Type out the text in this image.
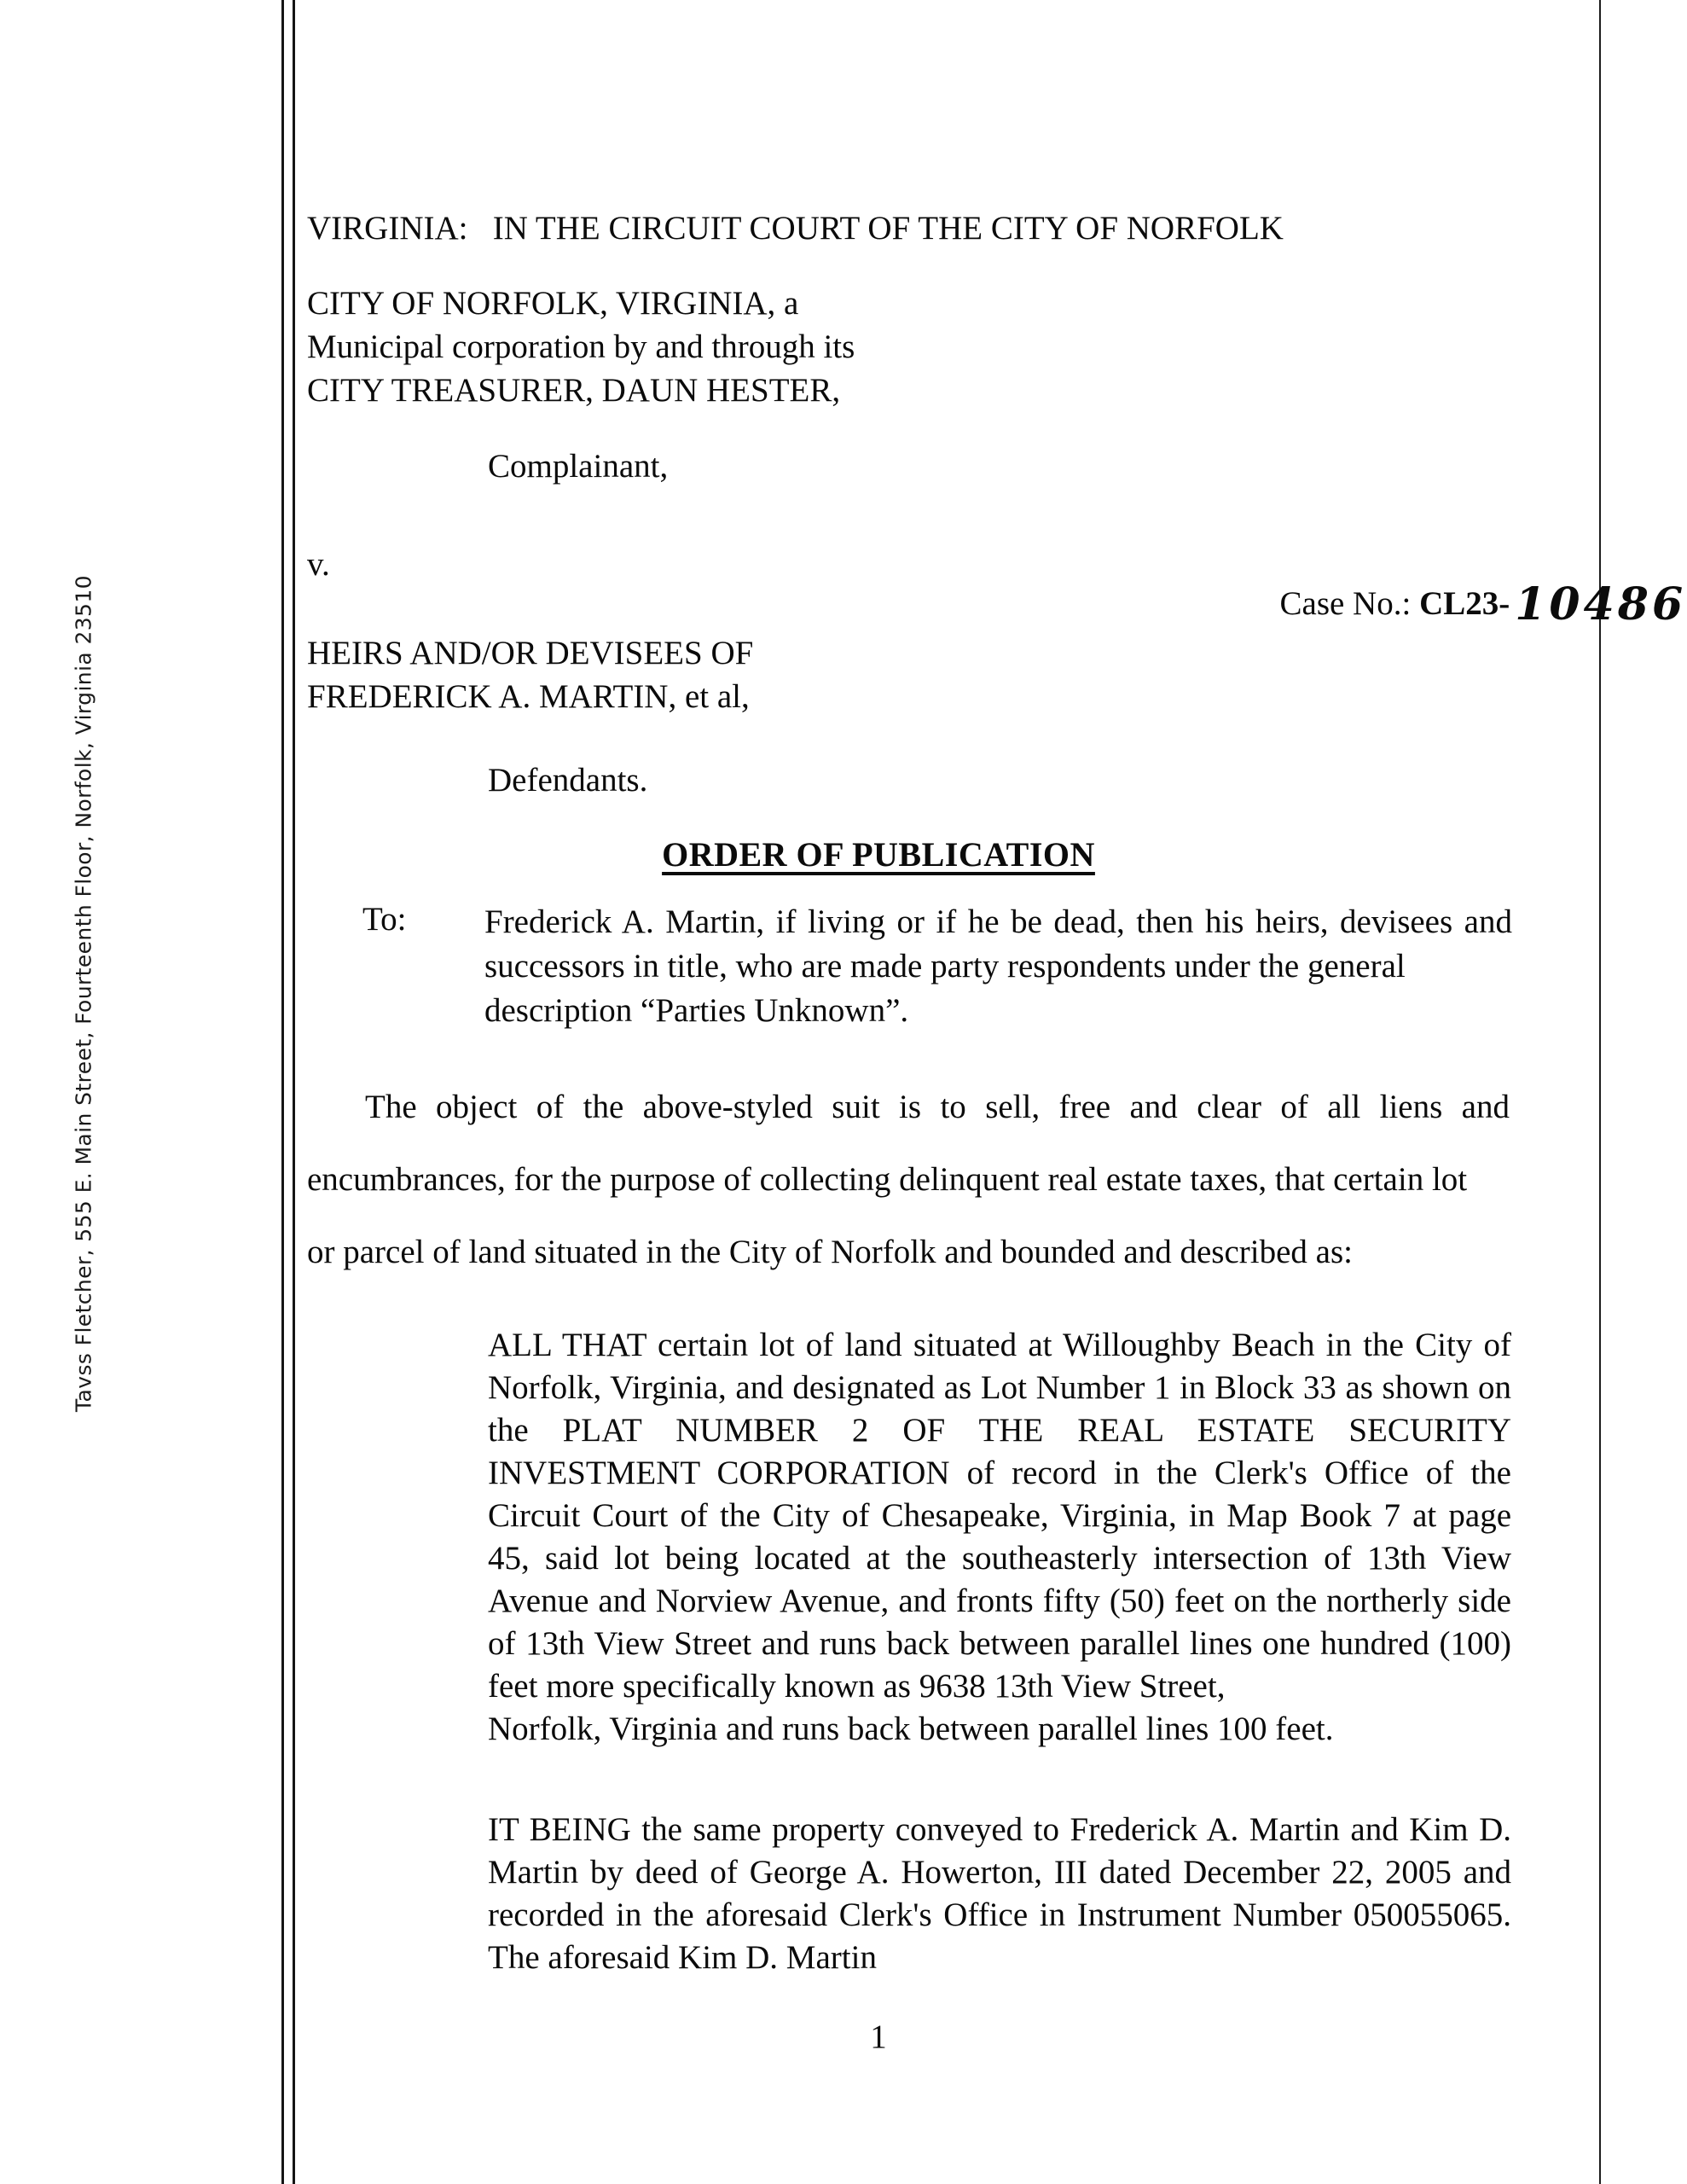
Tavss Fletcher, 555 E. Main Street, Fourteenth Floor, Norfolk, Virginia 23510
VIRGINIA:   IN THE CIRCUIT COURT OF THE CITY OF NORFOLK
CITY OF NORFOLK, VIRGINIA, a
Municipal corporation by and through its
CITY TREASURER, DAUN HESTER,
Complainant,
v.

Case No.: CL23- 10486

HEIRS AND/OR DEVISEES OF
FREDERICK A. MARTIN, et al,
Defendants.
ORDER OF PUBLICATION
To: Frederick A. Martin, if living or if he be dead, then his heirs, devisees and successors in title, who are made party respondents under the general
description “Parties Unknown”.

The object of the above-styled suit is to sell, free and clear of all liens and encumbrances, for the purpose of collecting delinquent real estate taxes, that certain lot
or parcel of land situated in the City of Norfolk and bounded and described as:

ALL THAT certain lot of land situated at Willoughby Beach in the City of Norfolk, Virginia, and designated as Lot Number 1 in Block 33 as shown on the PLAT NUMBER 2 OF THE REAL ESTATE SECURITY INVESTMENT CORPORATION of record in the Clerk's Office of the Circuit Court of the City of Chesapeake, Virginia, in Map Book 7 at page 45, said lot being located at the southeasterly intersection of 13th View Avenue and Norview Avenue, and fronts fifty (50) feet on the northerly side of 13th View Street and runs back between parallel lines one hundred (100) feet more specifically known as 9638 13th View Street,
Norfolk, Virginia and runs back between parallel lines 100 feet.
IT BEING the same property conveyed to Frederick A. Martin and Kim D. Martin by deed of George A. Howerton, III dated December 22, 2005 and recorded in the aforesaid Clerk's Office in Instrument Number 050055065. The aforesaid Kim D. Martin
1
